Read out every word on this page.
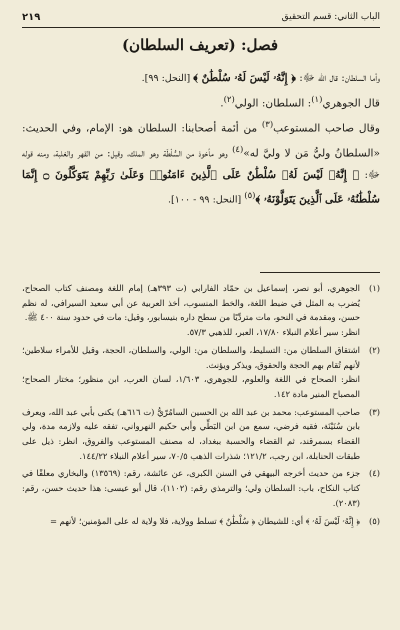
الباب الثاني: قسم التحقيق
٢١٩
فصل: (تعريف السلطان)

وأما السلطان: قال الله ﷻ: ﴿ إِنَّهُۥ لَيْسَ لَهُۥ سُلْطَٰنٌ ﴾ [النحل: ٩٩].

قال الجوهري$^{(١)}$: السلطان: الولي$^{(٢)}$.

وقال صاحب المستوعب$^{(٣)}$ من أئمة أصحابنا: السلطان هو: الإمام، وفي الحديث: «السلطانُ وليُّ مَن لا وليَّ له»$^{(٤)}$ وهو مأخوذ من السُّلْطَة وهو الملك، وقيل: من القهر والغلبة، ومنه قوله ﷻ: ﴿ إِنَّهُۥ لَيْسَ لَهُۥ سُلْطَٰنٌ عَلَى ٱلَّذِينَ ءَامَنُوا۟ وَعَلَىٰ رَبِّهِمْ يَتَوَكَّلُونَ ۝ إِنَّمَا سُلْطَٰنُهُۥ عَلَى ٱلَّذِينَ يَتَوَلَّوْنَهُۥ ﴾$^{(٥)}$ [النحل: ٩٩ - ١٠٠].

(١)

الجوهري، أبو نصر، إسماعيل بن حمّاد الفارابي (ت ٣٩٣هـ) إمام اللغة ومصنف كتاب الصحاح، يُضرب به المثل في ضبط اللغة، والخط المنسوب، أخذ العربية عن أبي سعيد السيرافي، له نظم حسن، ومقدمة في النحو، مات متردِّيًا من سطح داره بنيسابور، وقيل: مات في حدود سنة ٤٠٠ ﷺ.

انظر: سير أعلام النبلاء ١٧/٨٠، العبر، للذهبي ٥٧/٣.

(٢)

اشتقاق السلطان من: التسليط، والسلطان من: الولي، والسلطان، الحجة، وقيل للأمراء سلاطين؛ لأنهم تُقام بهم الحجة والحقوق، ويذكر ويؤنث.

انظر: الصحاح في اللغة والعلوم، للجوهري، ١/٦٠٣، لسان العرب، ابن منظور؛ مختار الصحاح؛ المصباح المنير مادة ١٤٢.

(٣)

صاحب المستوعب: محمد بن عبد الله بن الحسين السامُرّيُّ (ت ٦١٦هـ) يكنى بأبي عبد الله، ويعرف بابن سُنَيْنَة، فقيه فرضي، سمع من ابن البَطِّي وأبي حكيم النهرواني، تفقه عليه ولازمه مدة، ولي القضاء بسمرقند، ثم القضاء والحسبة ببغداد، له مصنف المستوعب والفروق، انظر: ذيل على طبقات الحنابلة، ابن رجب، ١٢١/٢؛ شذرات الذهب ٧٠/٥، سير أعلام النبلاء ١٤٤/٢٢.

(٤)

جزء من حديث أخرجه البيهقي في السنن الكبرى، عن عائشة، رقم: (١٣٥٦٩) والبخاري معلقًا في كتاب النكاح، باب: السلطان ولي؛ والترمذي رقم: (١١٠٢)، قال أبو عيسى: هذا حديث حسن، رقم: (٢٠٨٣).

(٥)

﴿ إِنَّهُۥ لَيْسَ لَهُۥ ﴾ أي: للشيطان ﴿ سُلْطَٰنٌ ﴾ تسلط وولاية، فلا ولاية له على المؤمنين؛ لأنهم =
